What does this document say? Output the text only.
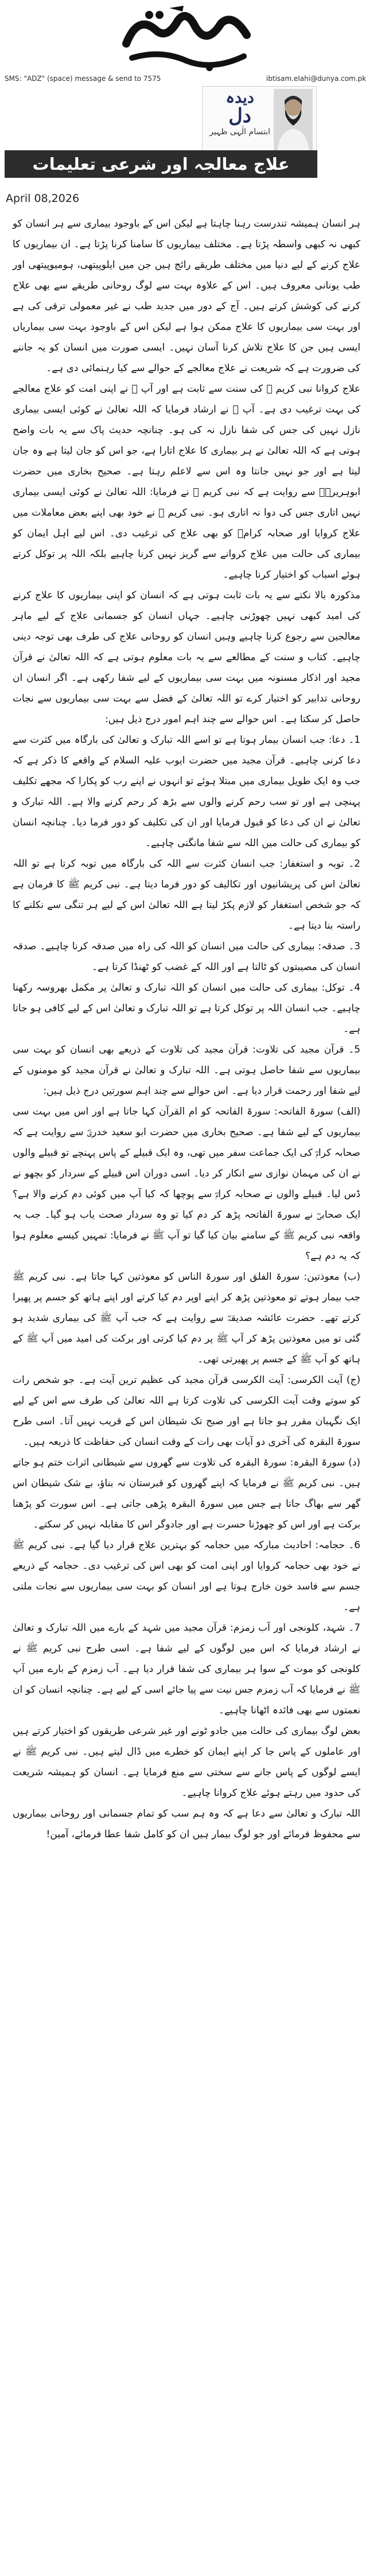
SMS: "ADZ" (space) message & send to 7575	ibtisam.elahi@dunya.com.pk
دیدہ
دل
ابتسام الٰہی ظہیر
علاج معالجہ اور شرعی تعلیمات
April 08,2026

ہر انسان ہمیشہ تندرست رہنا چاہتا ہے لیکن اس کے باوجود بیماری سے ہر انسان کو کبھی نہ کبھی واسطہ پڑتا ہے۔ مختلف بیماریوں کا سامنا کرنا پڑتا ہے۔ ان بیماریوں کا علاج کرنے کے لیے دنیا میں مختلف طریقے رائج ہیں جن میں ایلوپیتھی، ہومیوپیتھی اور طب یونانی معروف ہیں۔ اس کے علاوہ بہت سے لوگ روحانی طریقے سے بھی علاج کرنے کی کوشش کرتے ہیں۔ آج کے دور میں جدید طب نے غیر معمولی ترقی کی ہے اور بہت سی بیماریوں کا علاج ممکن ہوا ہے لیکن اس کے باوجود بہت سی بیماریاں ایسی ہیں جن کا علاج تلاش کرنا آسان نہیں۔ ایسی صورت میں انسان کو یہ جاننے کی ضرورت ہے کہ شریعت نے علاج معالجے کے حوالے سے کیا رہنمائی دی ہے۔

علاج کروانا نبی کریم ﷺ کی سنت سے ثابت ہے اور آپ ﷺ نے اپنی امت کو علاج معالجے کی بہت ترغیب دی ہے۔ آپ ﷺ نے ارشاد فرمایا کہ اللہ تعالیٰ نے کوئی ایسی بیماری نازل نہیں کی جس کی شفا نازل نہ کی ہو۔ چنانچہ حدیث پاک سے یہ بات واضح ہوتی ہے کہ اللہ تعالیٰ نے ہر بیماری کا علاج اتارا ہے، جو اس کو جان لیتا ہے وہ جان لیتا ہے اور جو نہیں جانتا وہ اس سے لاعلم رہتا ہے۔ صحیح بخاری میں حضرت ابوہریرہؓ سے روایت ہے کہ نبی کریم ﷺ نے فرمایا: اللہ تعالیٰ نے کوئی ایسی بیماری نہیں اتاری جس کی دوا نہ اتاری ہو۔ نبی کریم ﷺ نے خود بھی اپنے بعض معاملات میں علاج کروایا اور صحابہ کرامؓ کو بھی علاج کی ترغیب دی۔ اس لیے اہل ایمان کو بیماری کی حالت میں علاج کروانے سے گریز نہیں کرنا چاہیے بلکہ اللہ پر توکل کرتے ہوئے اسباب کو اختیار کرنا چاہیے۔

مذکورہ بالا نکتے سے یہ بات ثابت ہوتی ہے کہ انسان کو اپنی بیماریوں کا علاج کرنے کی امید کبھی نہیں چھوڑنی چاہیے۔ جہاں انسان کو جسمانی علاج کے لیے ماہر معالجین سے رجوع کرنا چاہیے وہیں انسان کو روحانی علاج کی طرف بھی توجہ دینی چاہیے۔ کتاب و سنت کے مطالعے سے یہ بات معلوم ہوتی ہے کہ اللہ تعالیٰ نے قرآن مجید اور اذکار مسنونہ میں بہت سی بیماریوں کے لیے شفا رکھی ہے۔ اگر انسان ان روحانی تدابیر کو اختیار کرے تو اللہ تعالیٰ کے فضل سے بہت سی بیماریوں سے نجات حاصل کر سکتا ہے۔ اس حوالے سے چند اہم امور درج ذیل ہیں:

1۔ دعا: جب انسان بیمار ہوتا ہے تو اسے اللہ تبارک و تعالیٰ کی بارگاہ میں کثرت سے دعا کرنی چاہیے۔ قرآن مجید میں حضرت ایوب علیہ السلام کے واقعے کا ذکر ہے کہ جب وہ ایک طویل بیماری میں مبتلا ہوئے تو انہوں نے اپنے رب کو پکارا کہ مجھے تکلیف پہنچی ہے اور تو سب رحم کرنے والوں سے بڑھ کر رحم کرنے والا ہے۔ اللہ تبارک و تعالیٰ نے ان کی دعا کو قبول فرمایا اور ان کی تکلیف کو دور فرما دیا۔ چنانچہ انسان کو بیماری کی حالت میں اللہ سے شفا مانگنی چاہیے۔

2۔ توبہ و استغفار: جب انسان کثرت سے اللہ کی بارگاہ میں توبہ کرتا ہے تو اللہ تعالیٰ اس کی پریشانیوں اور تکالیف کو دور فرما دیتا ہے۔ نبی کریم ﷺ کا فرمان ہے کہ جو شخص استغفار کو لازم پکڑ لیتا ہے اللہ تعالیٰ اس کے لیے ہر تنگی سے نکلنے کا راستہ بنا دیتا ہے۔

3۔ صدقہ: بیماری کی حالت میں انسان کو اللہ کی راہ میں صدقہ کرنا چاہیے۔ صدقہ انسان کی مصیبتوں کو ٹالتا ہے اور اللہ کے غضب کو ٹھنڈا کرتا ہے۔

4۔ توکل: بیماری کی حالت میں انسان کو اللہ تبارک و تعالیٰ پر مکمل بھروسہ رکھنا چاہیے۔ جب انسان اللہ پر توکل کرتا ہے تو اللہ تبارک و تعالیٰ اس کے لیے کافی ہو جاتا ہے۔

5۔ قرآن مجید کی تلاوت: قرآن مجید کی تلاوت کے ذریعے بھی انسان کو بہت سی بیماریوں سے شفا حاصل ہوتی ہے۔ اللہ تبارک و تعالیٰ نے قرآن مجید کو مومنوں کے لیے شفا اور رحمت قرار دیا ہے۔ اس حوالے سے چند اہم سورتیں درج ذیل ہیں:

(الف) سورۃ الفاتحہ: سورۃ الفاتحہ کو ام القرآن کہا جاتا ہے اور اس میں بہت سی بیماریوں کے لیے شفا ہے۔ صحیح بخاری میں حضرت ابو سعید خدریؓ سے روایت ہے کہ صحابہ کرامؓ کی ایک جماعت سفر میں تھی، وہ ایک قبیلے کے پاس پہنچے تو قبیلے والوں نے ان کی مہمان نوازی سے انکار کر دیا۔ اسی دوران اس قبیلے کے سردار کو بچھو نے ڈس لیا۔ قبیلے والوں نے صحابہ کرامؓ سے پوچھا کہ کیا آپ میں کوئی دم کرنے والا ہے؟ ایک صحابیؓ نے سورۃ الفاتحہ پڑھ کر دم کیا تو وہ سردار صحت یاب ہو گیا۔ جب یہ واقعہ نبی کریم ﷺ کے سامنے بیان کیا گیا تو آپ ﷺ نے فرمایا: تمہیں کیسے معلوم ہوا کہ یہ دم ہے؟

(ب) معوذتین: سورۃ الفلق اور سورۃ الناس کو معوذتین کہا جاتا ہے۔ نبی کریم ﷺ جب بیمار ہوتے تو معوذتین پڑھ کر اپنے اوپر دم کیا کرتے اور اپنے ہاتھ کو جسم پر پھیرا کرتے تھے۔ حضرت عائشہ صدیقہؓ سے روایت ہے کہ جب آپ ﷺ کی بیماری شدید ہو گئی تو میں معوذتین پڑھ کر آپ ﷺ پر دم کیا کرتی اور برکت کی امید میں آپ ﷺ کے ہاتھ کو آپ ﷺ کے جسم پر پھیرتی تھی۔

(ج) آیت الکرسی: آیت الکرسی قرآن مجید کی عظیم ترین آیت ہے۔ جو شخص رات کو سوتے وقت آیت الکرسی کی تلاوت کرتا ہے اللہ تعالیٰ کی طرف سے اس کے لیے ایک نگہبان مقرر ہو جاتا ہے اور صبح تک شیطان اس کے قریب نہیں آتا۔ اسی طرح سورۃ البقرہ کی آخری دو آیات بھی رات کے وقت انسان کی حفاظت کا ذریعہ ہیں۔

(د) سورۃ البقرہ: سورۃ البقرہ کی تلاوت سے گھروں سے شیطانی اثرات ختم ہو جاتے ہیں۔ نبی کریم ﷺ نے فرمایا کہ اپنے گھروں کو قبرستان نہ بناؤ، بے شک شیطان اس گھر سے بھاگ جاتا ہے جس میں سورۃ البقرہ پڑھی جاتی ہے۔ اس سورت کو پڑھنا برکت ہے اور اس کو چھوڑنا حسرت ہے اور جادوگر اس کا مقابلہ نہیں کر سکتے۔

6۔ حجامہ: احادیث مبارکہ میں حجامہ کو بہترین علاج قرار دیا گیا ہے۔ نبی کریم ﷺ نے خود بھی حجامہ کروایا اور اپنی امت کو بھی اس کی ترغیب دی۔ حجامہ کے ذریعے جسم سے فاسد خون خارج ہوتا ہے اور انسان کو بہت سی بیماریوں سے نجات ملتی ہے۔

7۔ شہد، کلونجی اور آب زمزم: قرآن مجید میں شہد کے بارے میں اللہ تبارک و تعالیٰ نے ارشاد فرمایا کہ اس میں لوگوں کے لیے شفا ہے۔ اسی طرح نبی کریم ﷺ نے کلونجی کو موت کے سوا ہر بیماری کی شفا قرار دیا ہے۔ آب زمزم کے بارے میں آپ ﷺ نے فرمایا کہ آب زمزم جس نیت سے پیا جائے اسی کے لیے ہے۔ چنانچہ انسان کو ان نعمتوں سے بھی فائدہ اٹھانا چاہیے۔

بعض لوگ بیماری کی حالت میں جادو ٹونے اور غیر شرعی طریقوں کو اختیار کرتے ہیں اور عاملوں کے پاس جا کر اپنے ایمان کو خطرے میں ڈال لیتے ہیں۔ نبی کریم ﷺ نے ایسے لوگوں کے پاس جانے سے سختی سے منع فرمایا ہے۔ انسان کو ہمیشہ شریعت کی حدود میں رہتے ہوئے علاج کروانا چاہیے۔

اللہ تبارک و تعالیٰ سے دعا ہے کہ وہ ہم سب کو تمام جسمانی اور روحانی بیماریوں سے محفوظ فرمائے اور جو لوگ بیمار ہیں ان کو کامل شفا عطا فرمائے، آمین!
